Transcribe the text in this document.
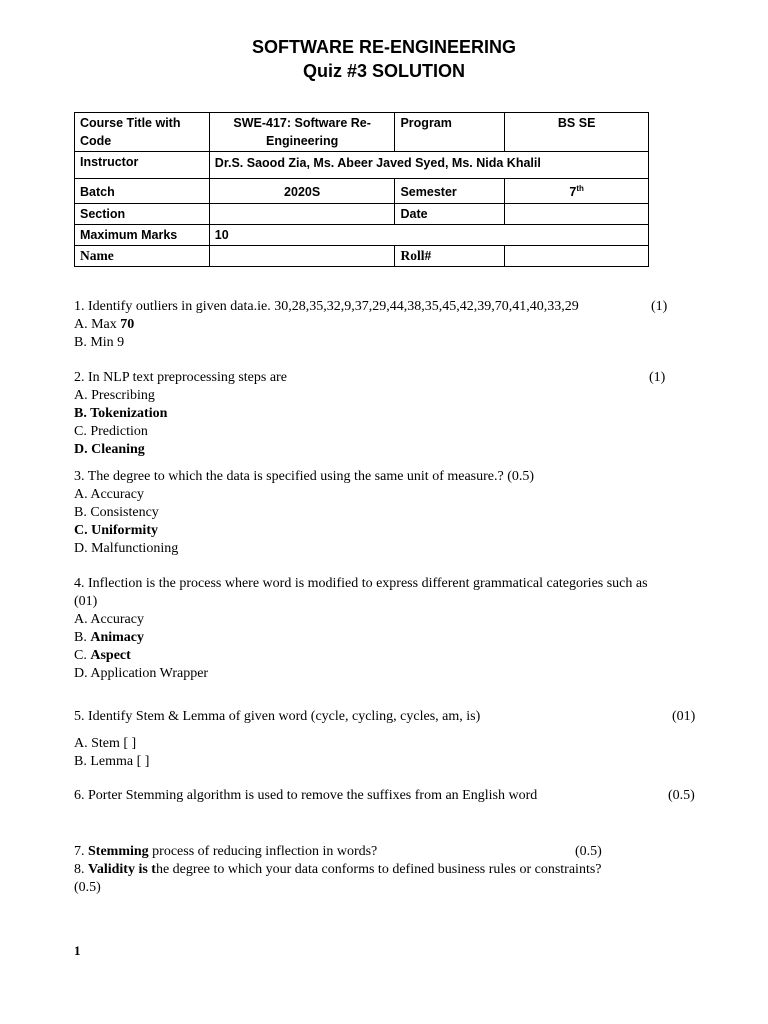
SOFTWARE RE-ENGINEERING
Quiz #3 SOLUTION
Course Title with Code	SWE-417: Software Re-Engineering	Program	BS SE
Instructor	Dr.S. Saood Zia, Ms. Abeer Javed Syed, Ms. Nida Khalil		
Batch	2020S	Semester	7th
Section		Date	
Maximum Marks	10		
Name		Roll#	
1. Identify outliers in given data.ie. 30,28,35,32,9,37,29,44,38,35,45,42,39,70,41,40,33,29	(1)
A. Max 70
B. Min 9
2. In NLP text preprocessing steps are	(1)
A. Prescribing
B. Tokenization
C. Prediction
D. Cleaning
3. The degree to which the data is specified using the same unit of measure.? (0.5)
A. Accuracy
B. Consistency
C. Uniformity
D. Malfunctioning
4. Inflection is the process where word is modified to express different grammatical categories such as
(01)
A. Accuracy
B. Animacy
C. Aspect
D. Application Wrapper
5. Identify Stem & Lemma of given word (cycle, cycling, cycles, am, is)	(01)
A. Stem [ ]
B. Lemma [ ]
6. Porter Stemming algorithm is used to remove the suffixes from an English word	(0.5)
7. Stemming process of reducing inflection in words?	(0.5)
8. Validity is the degree to which your data conforms to defined business rules or constraints?
(0.5)
1
